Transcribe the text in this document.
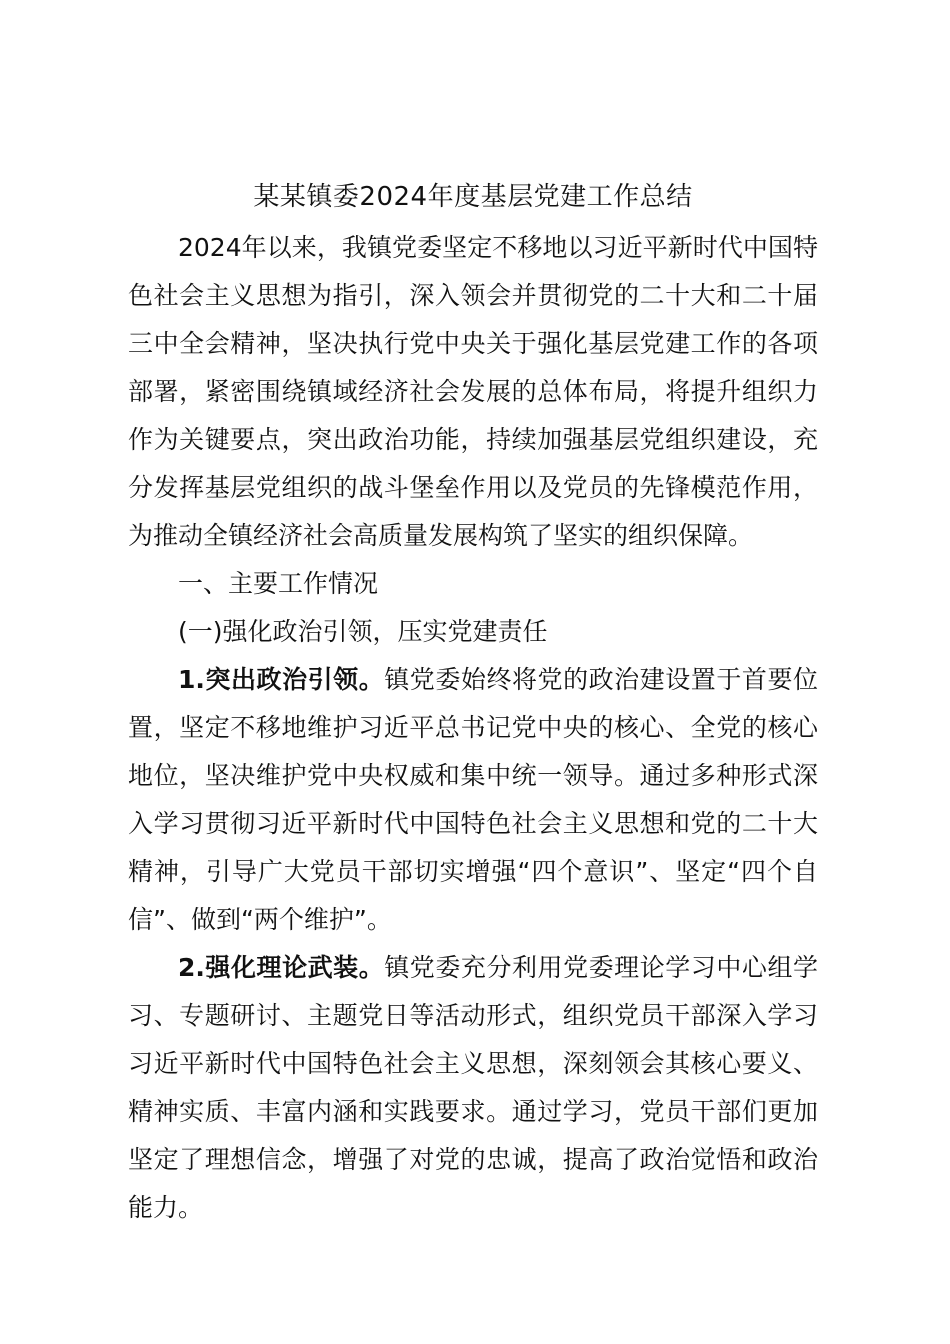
某某镇委2024年度基层党建工作总结

2024年以来，我镇党委坚定不移地以习近平新时代中国特色社会主义思想为指引，深入领会并贯彻党的二十大和二十届三中全会精神，坚决执行党中央关于强化基层党建工作的各项部署，紧密围绕镇域经济社会发展的总体布局，将提升组织力作为关键要点，突出政治功能，持续加强基层党组织建设，充分发挥基层党组织的战斗堡垒作用以及党员的先锋模范作用，为推动全镇经济社会高质量发展构筑了坚实的组织保障。

一、主要工作情况

(一)强化政治引领，压实党建责任

1.突出政治引领。镇党委始终将党的政治建设置于首要位置，坚定不移地维护习近平总书记党中央的核心、全党的核心地位，坚决维护党中央权威和集中统一领导。通过多种形式深入学习贯彻习近平新时代中国特色社会主义思想和党的二十大精神，引导广大党员干部切实增强“四个意识”、坚定“四个自信”、做到“两个维护”。

2.强化理论武装。镇党委充分利用党委理论学习中心组学习、专题研讨、主题党日等活动形式，组织党员干部深入学习习近平新时代中国特色社会主义思想，深刻领会其核心要义、精神实质、丰富内涵和实践要求。通过学习，党员干部们更加坚定了理想信念，增强了对党的忠诚，提高了政治觉悟和政治能力。
